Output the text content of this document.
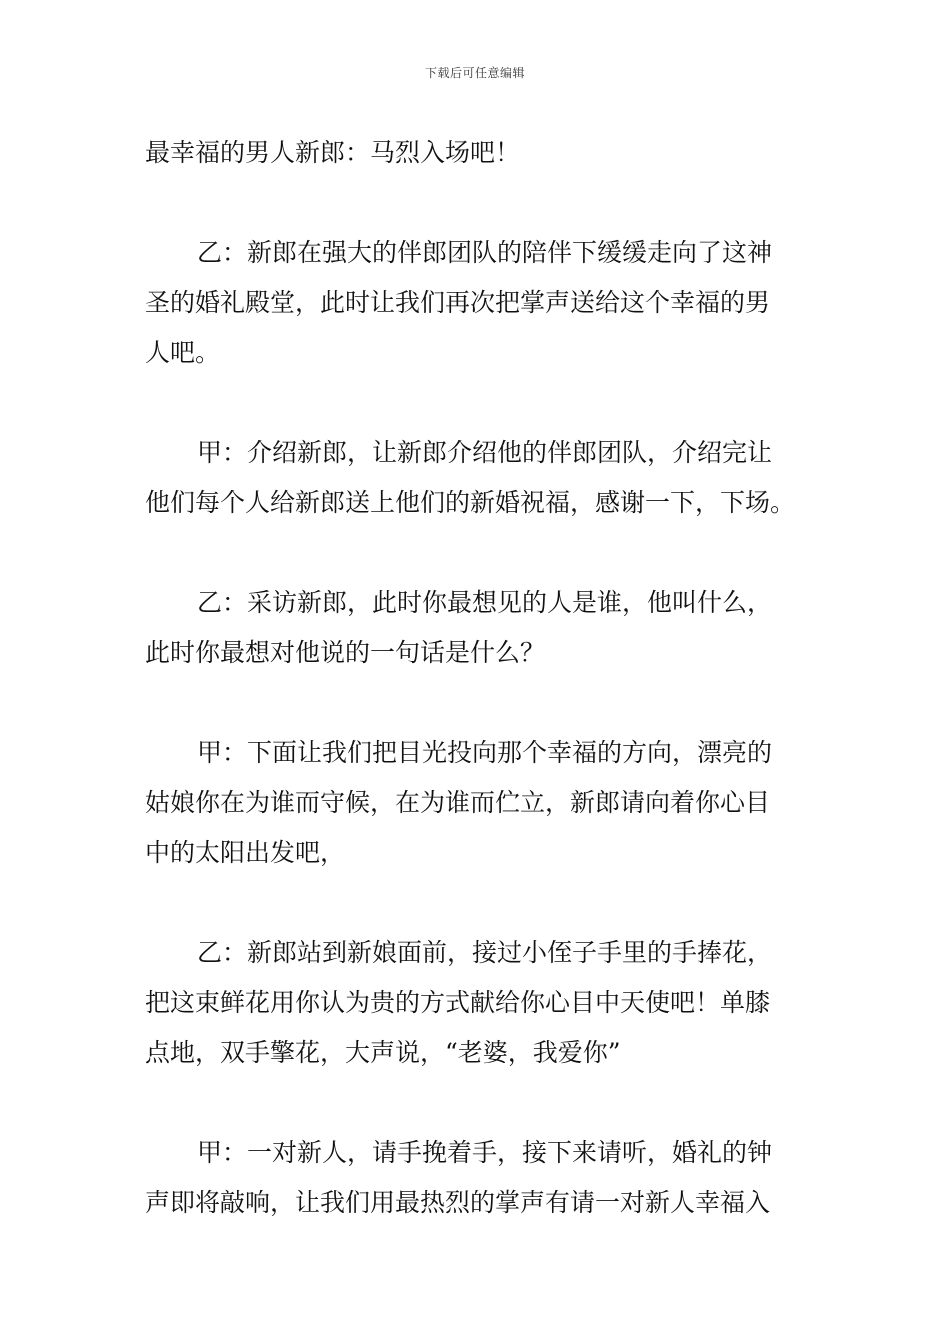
下载后可任意编辑
最幸福的男人新郎：马烈入场吧！
乙：新郎在强大的伴郎团队的陪伴下缓缓走向了这神
圣的婚礼殿堂，此时让我们再次把掌声送给这个幸福的男
人吧。
甲：介绍新郎，让新郎介绍他的伴郎团队，介绍完让
他们每个人给新郎送上他们的新婚祝福，感谢一下，下场。
乙：采访新郎，此时你最想见的人是谁，他叫什么，
此时你最想对他说的一句话是什么？
甲：下面让我们把目光投向那个幸福的方向，漂亮的
姑娘你在为谁而守候，在为谁而伫立，新郎请向着你心目
中的太阳出发吧，
乙：新郎站到新娘面前，接过小侄子手里的手捧花，
把这束鲜花用你认为贵的方式献给你心目中天使吧！单膝
点地，双手擎花，大声说，“老婆，我爱你”
甲：一对新人，请手挽着手，接下来请听，婚礼的钟
声即将敲响，让我们用最热烈的掌声有请一对新人幸福入
